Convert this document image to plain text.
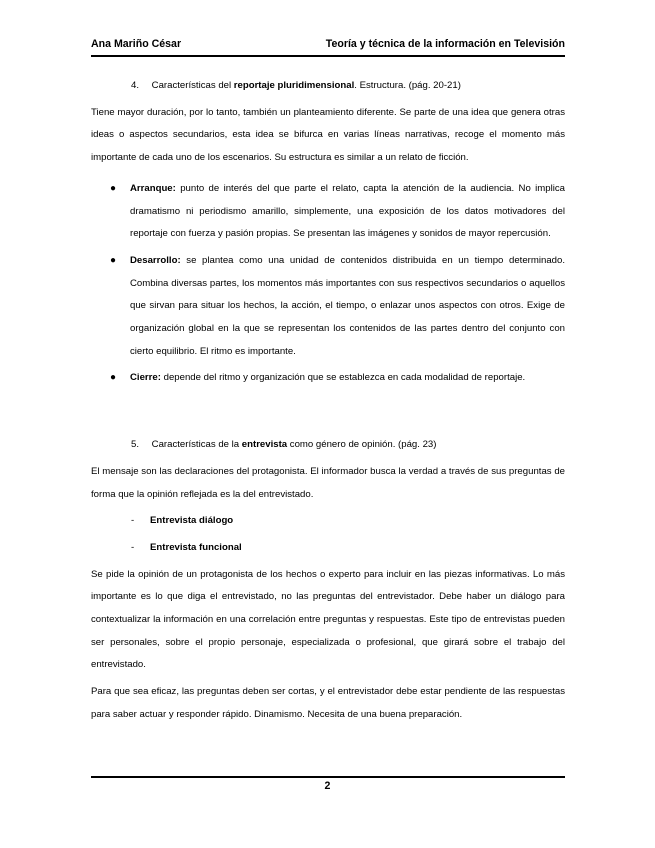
Ana Mariño César	Teoría y técnica de la información en Televisión

4. Características del reportaje pluridimensional. Estructura. (pág. 20-21)

Tiene mayor duración, por lo tanto, también un planteamiento diferente. Se parte de una idea que genera otras ideas o aspectos secundarios, esta idea se bifurca en varias líneas narrativas, recoge el momento más importante de cada uno de los escenarios. Su estructura es similar a un relato de ficción.

● Arranque: punto de interés del que parte el relato, capta la atención de la audiencia. No implica dramatismo ni periodismo amarillo, simplemente, una exposición de los datos motivadores del reportaje con fuerza y pasión propias. Se presentan las imágenes y sonidos de mayor repercusión.
● Desarrollo: se plantea como una unidad de contenidos distribuida en un tiempo determinado. Combina diversas partes, los momentos más importantes con sus respectivos secundarios o aquellos que sirvan para situar los hechos, la acción, el tiempo, o enlazar unos aspectos con otros. Exige de organización global en la que se representan los contenidos de las partes dentro del conjunto con cierto equilibrio. El ritmo es importante.
● Cierre: depende del ritmo y organización que se establezca en cada modalidad de reportaje.

5. Características de la entrevista como género de opinión. (pág. 23)

El mensaje son las declaraciones del protagonista. El informador busca la verdad a través de sus preguntas de forma que la opinión reflejada es la del entrevistado.

- Entrevista diálogo
- Entrevista funcional

Se pide la opinión de un protagonista de los hechos o experto para incluir en las piezas informativas. Lo más importante es lo que diga el entrevistado, no las preguntas del entrevistador. Debe haber un diálogo para contextualizar la información en una correlación entre preguntas y respuestas. Este tipo de entrevistas pueden ser personales, sobre el propio personaje, especializada o profesional, que girará sobre el trabajo del entrevistado.

Para que sea eficaz, las preguntas deben ser cortas, y el entrevistador debe estar pendiente de las respuestas para saber actuar y responder rápido. Dinamismo. Necesita de una buena preparación.

2
